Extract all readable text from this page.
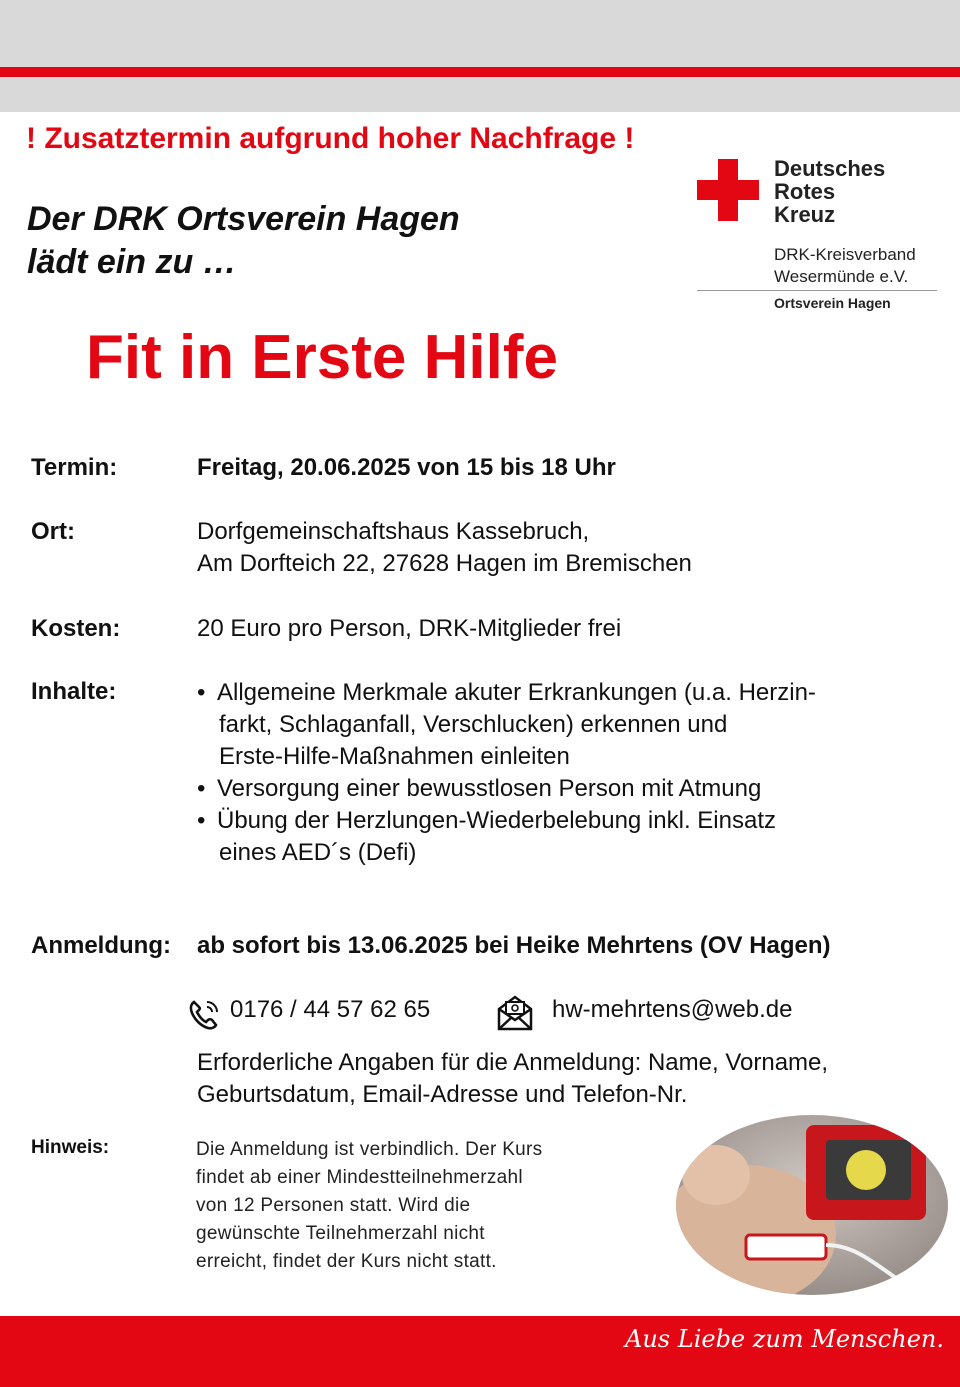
! Zusatztermin aufgrund hoher Nachfrage !
Der DRK Ortsverein Hagen
lädt ein zu …
Deutsches
Rotes
Kreuz
DRK-Kreisverband
Wesermünde e.V.
Ortsverein Hagen
Fit in Erste Hilfe
Termin:	Freitag, 20.06.2025 von 15 bis 18 Uhr
Ort:	Dorfgemeinschaftshaus Kassebruch,
Am Dorfteich 22, 27628 Hagen im Bremischen
Kosten:	20 Euro pro Person, DRK-Mitglieder frei
Inhalte:	• Allgemeine Merkmale akuter Erkrankungen (u.a. Herzin-
farkt, Schlaganfall, Verschlucken) erkennen und
Erste-Hilfe-Maßnahmen einleiten
• Versorgung einer bewusstlosen Person mit Atmung
• Übung der Herzlungen-Wiederbelebung inkl. Einsatz
eines AED´s (Defi)
Anmeldung: ab sofort bis 13.06.2025 bei Heike Mehrtens (OV Hagen)
0176 / 44 57 62 65	hw-mehrtens@web.de
Erforderliche Angaben für die Anmeldung: Name, Vorname,
Geburtsdatum, Email-Adresse und Telefon-Nr.
Hinweis:	Die Anmeldung ist verbindlich. Der Kurs
findet ab einer Mindestteilnehmerzahl
von 12 Personen statt. Wird die
gewünschte Teilnehmerzahl nicht
erreicht, findet der Kurs nicht statt.
Aus Liebe zum Menschen.
